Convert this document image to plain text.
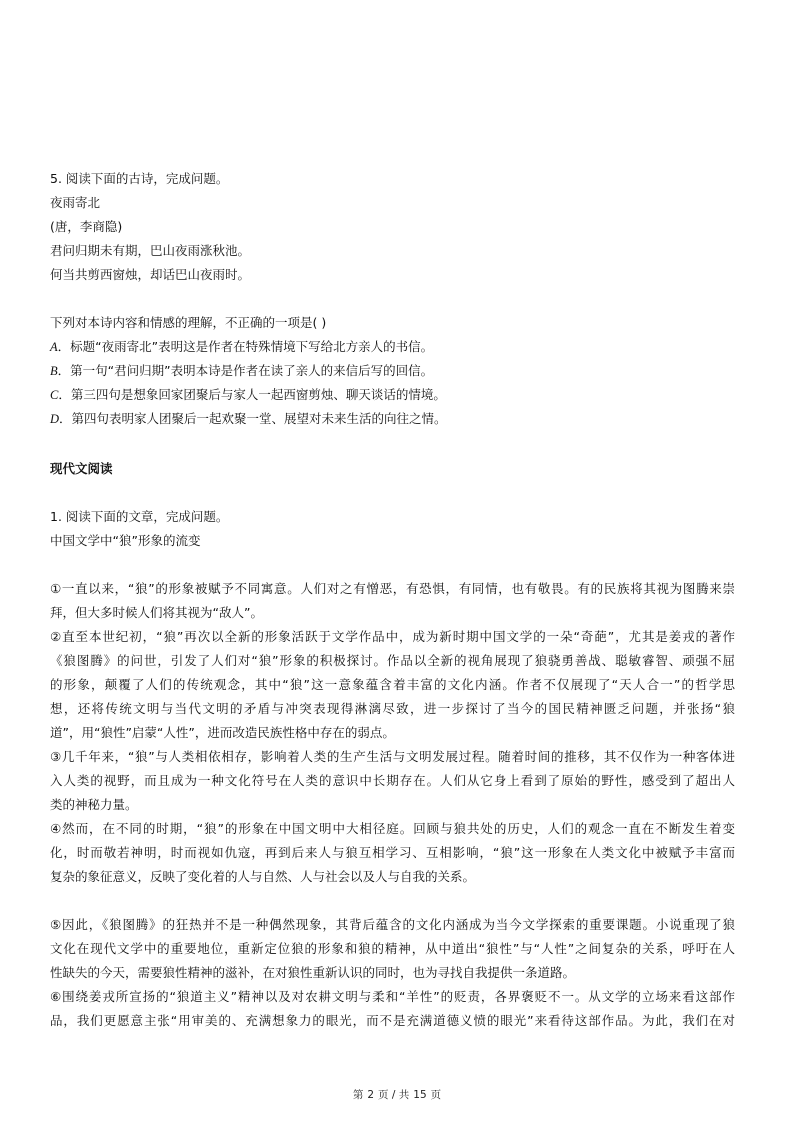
5. 阅读下面的古诗，完成问题。
夜雨寄北
(唐，李商隐)
君问归期未有期，巴山夜雨涨秋池。
何当共剪西窗烛，却话巴山夜雨时。
下列对本诗内容和情感的理解，不正确的一项是( )
A．标题“夜雨寄北”表明这是作者在特殊情境下写给北方亲人的书信。
B．第一句“君问归期”表明本诗是作者在读了亲人的来信后写的回信。
C．第三四句是想象回家团聚后与家人一起西窗剪烛、聊天谈话的情境。
D．第四句表明家人团聚后一起欢聚一堂、展望对未来生活的向往之情。
现代文阅读
1. 阅读下面的文章，完成问题。
中国文学中“狼”形象的流变
①一直以来，“狼”的形象被赋予不同寓意。人们对之有憎恶，有恐惧，有同情，也有敬畏。有的民族将其视为图腾来崇
拜，但大多时候人们将其视为“敌人”。
②直至本世纪初，“狼”再次以全新的形象活跃于文学作品中，成为新时期中国文学的一朵“奇葩”，尤其是姜戎的著作
《狼图腾》的问世，引发了人们对“狼”形象的积极探讨。作品以全新的视角展现了狼骁勇善战、聪敏睿智、顽强不屈
的形象，颠覆了人们的传统观念，其中“狼”这一意象蕴含着丰富的文化内涵。作者不仅展现了“天人合一”的哲学思
想，还将传统文明与当代文明的矛盾与冲突表现得淋漓尽致，进一步探讨了当今的国民精神匮乏问题，并张扬“狼
道”，用“狼性”启蒙“人性”，进而改造民族性格中存在的弱点。
③几千年来，“狼”与人类相依相存，影响着人类的生产生活与文明发展过程。随着时间的推移，其不仅作为一种客体进
入人类的视野，而且成为一种文化符号在人类的意识中长期存在。人们从它身上看到了原始的野性，感受到了超出人
类的神秘力量。
④然而，在不同的时期，“狼”的形象在中国文明中大相径庭。回顾与狼共处的历史，人们的观念一直在不断发生着变
化，时而敬若神明，时而视如仇寇，再到后来人与狼互相学习、互相影响，“狼”这一形象在人类文化中被赋予丰富而
复杂的象征意义，反映了变化着的人与自然、人与社会以及人与自我的关系。
⑤因此，《狼图腾》的狂热并不是一种偶然现象，其背后蕴含的文化内涵成为当今文学探索的重要课题。小说重现了狼
文化在现代文学中的重要地位，重新定位狼的形象和狼的精神，从中道出“狼性”与“人性”之间复杂的关系，呼吁在人
性缺失的今天，需要狼性精神的滋补，在对狼性重新认识的同时，也为寻找自我提供一条道路。
⑥围绕姜戎所宣扬的“狼道主义”精神以及对农耕文明与柔和“羊性”的贬责，各界褒贬不一。从文学的立场来看这部作
品，我们更愿意主张“用审美的、充满想象力的眼光，而不是充满道德义愤的眼光”来看待这部作品。为此，我们在对
第 2 页 / 共 15 页
